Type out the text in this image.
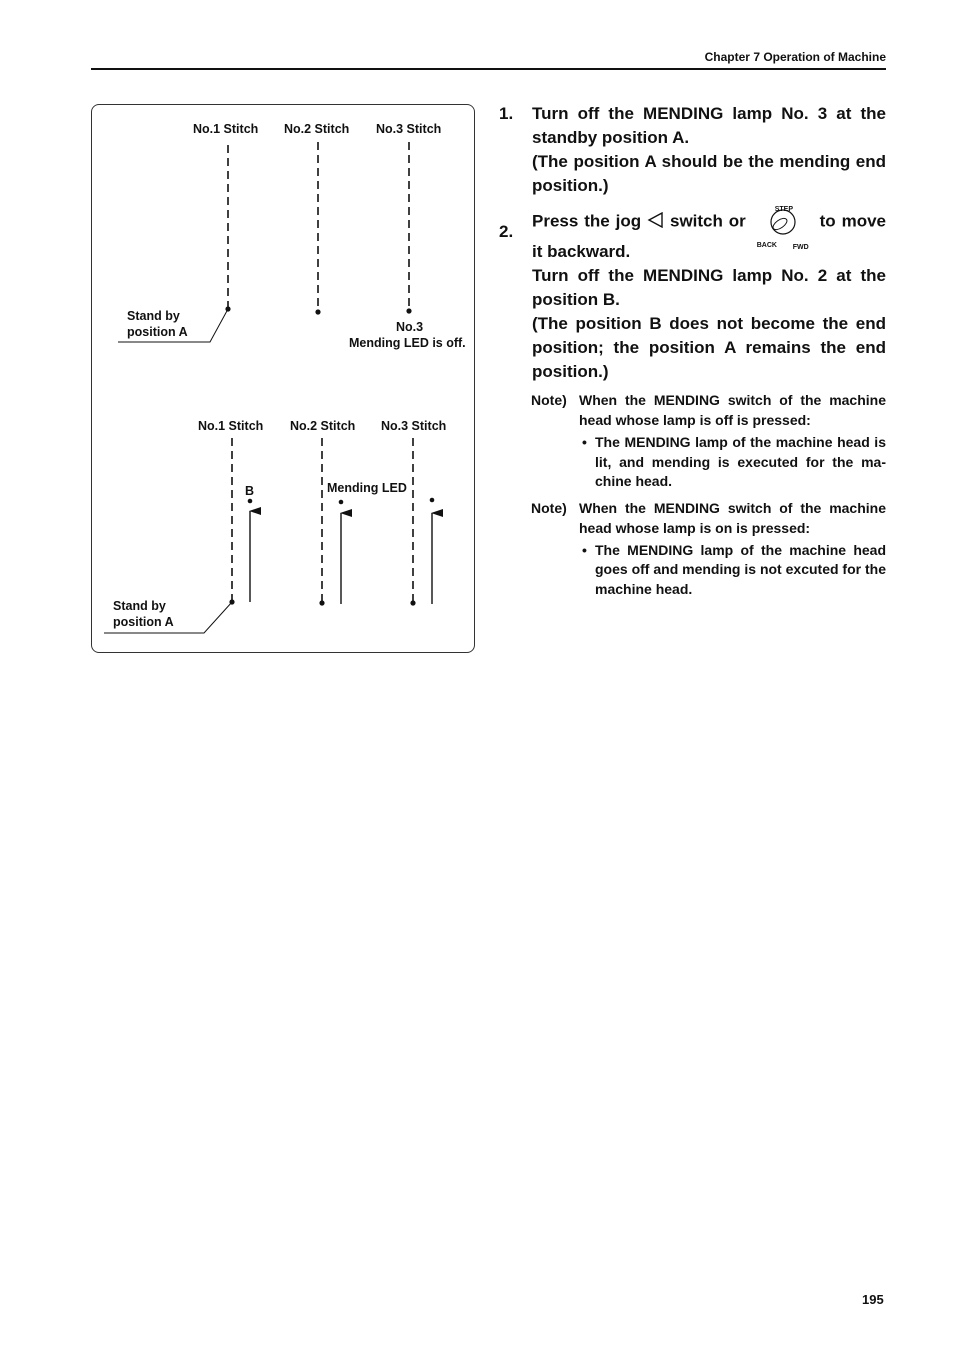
Chapter 7 Operation of Machine
No.1 Stitch No.2 Stitch No.3 Stitch
Stand by
position A	No.3
Mending LED is off.
No.1 Stitch No.2 Stitch No.3 Stitch
B	Mending LED
Stand by
position A
1. Turn off the MENDING lamp No. 3 at the standby position A.

(The position A should be the mending end position.)

2.

Press the jog switch or
STEP
BACK FWD
to move it backward.

Turn off the MENDING lamp No. 2 at the position B.

(The position B does not become the end position; the position A remains the end position.)

Note) When the MENDING switch of the machine head whose lamp is off is pressed:

• The MENDING lamp of the machine head is lit, and mending is executed for the ma-chine head.
Note) When the MENDING switch of the machine head whose lamp is on is pressed:

• The MENDING lamp of the machine head goes off and mending is not excuted for the machine head.
195
